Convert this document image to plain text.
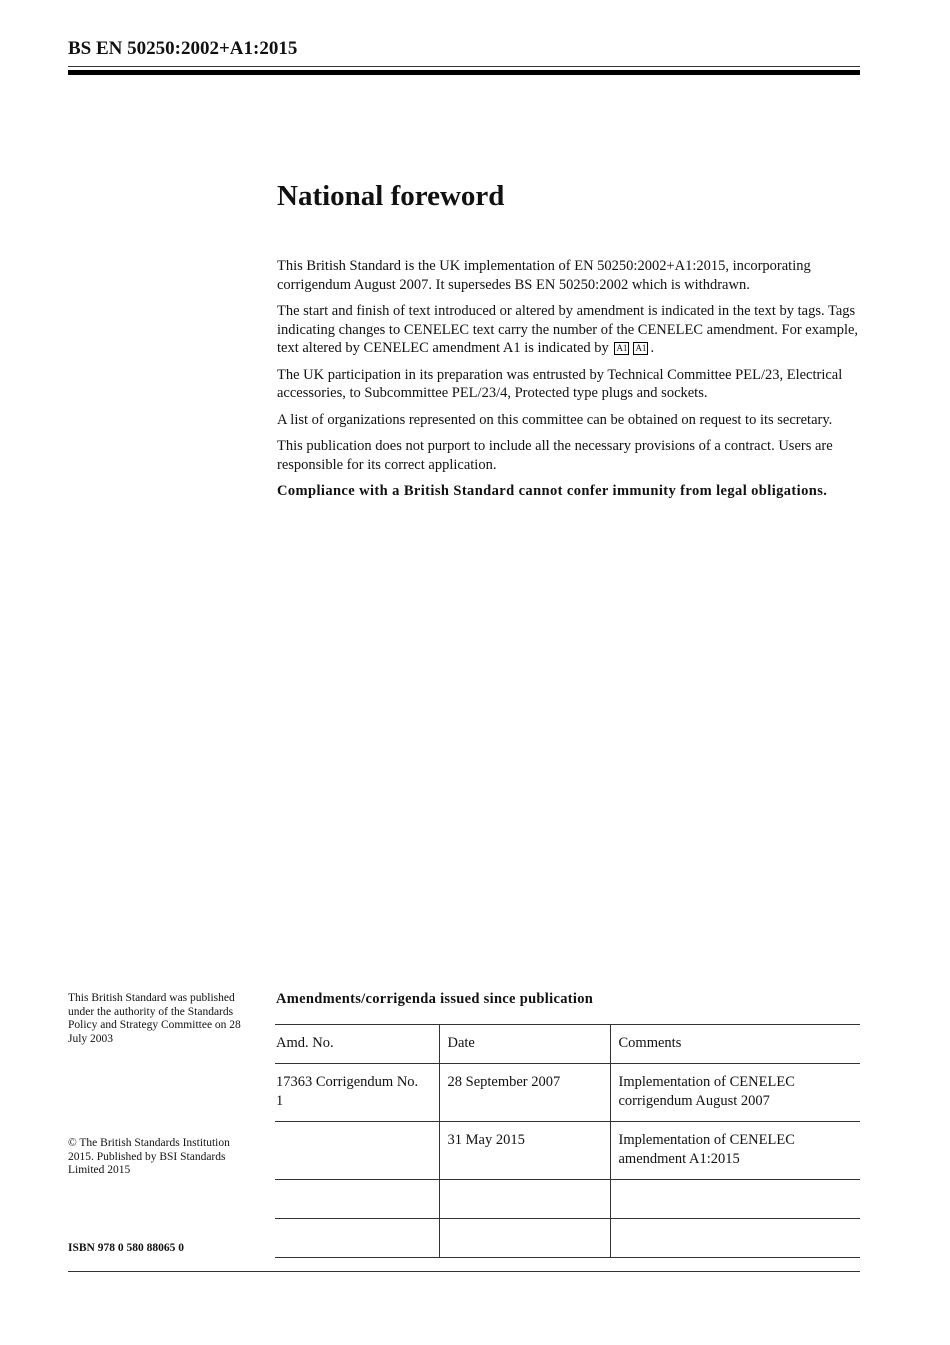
BS EN 50250:2002+A1:2015
National foreword

This British Standard is the UK implementation of EN 50250:2002+A1:2015, incorporating corrigendum August 2007. It supersedes BS EN 50250:2002 which is withdrawn.

The start and finish of text introduced or altered by amendment is indicated in the text by tags. Tags indicating changes to CENELEC text carry the number of the CENELEC amendment. For example, text altered by CENELEC amendment A1 is indicated by A1 A1 .

The UK participation in its preparation was entrusted by Technical Committee PEL/23, Electrical accessories, to Subcommittee PEL/23/4, Protected type plugs and sockets.

A list of organizations represented on this committee can be obtained on request to its secretary.

This publication does not purport to include all the necessary provisions of a contract. Users are responsible for its correct application.

Compliance with a British Standard cannot confer immunity from legal obligations.

This British Standard was published under the authority of the Standards Policy and Strategy Committee on 28 July 2003
© The British Standards Institution 2015. Published by BSI Standards Limited 2015
ISBN 978 0 580 88065 0
Amendments/corrigenda issued since publication
Amd. No.	Date	Comments
17363 Corrigendum No. 1	28 September 2007	Implementation of CENELEC corrigendum August 2007
	31 May 2015	Implementation of CENELEC amendment A1:2015
